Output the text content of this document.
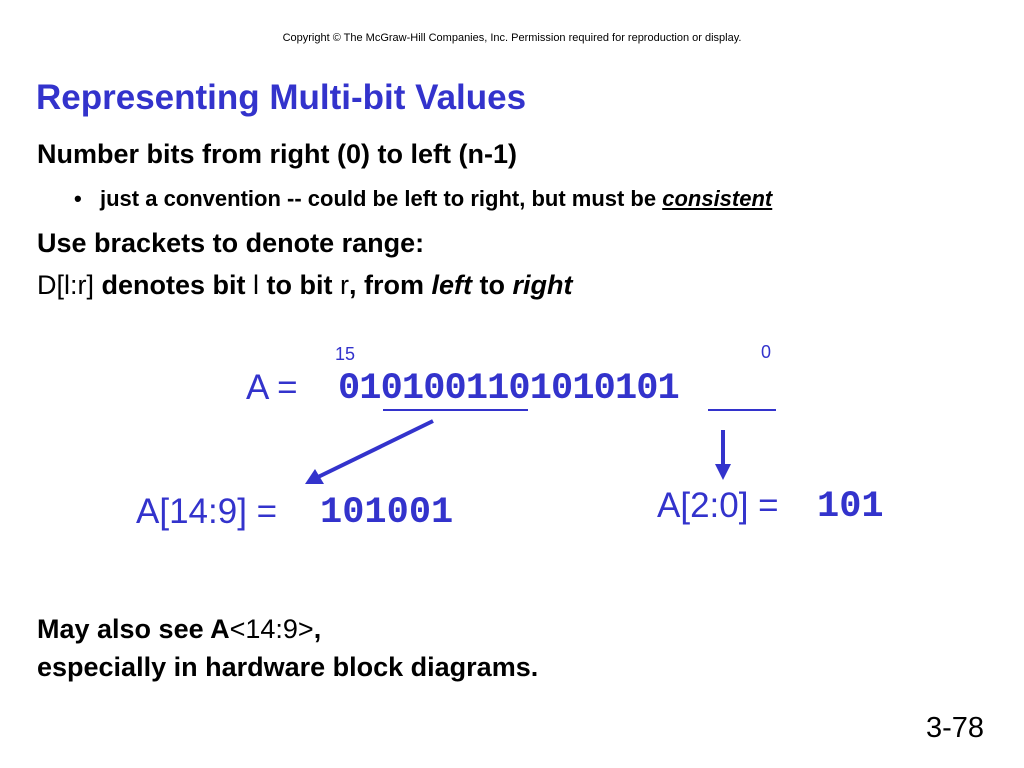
Copyright © The McGraw-Hill Companies, Inc. Permission required for reproduction or display.
Representing Multi-bit Values
Number bits from right (0) to left (n-1)
• just a convention -- could be left to right, but must be consistent
Use brackets to denote range:
D[l:r] denotes bit l to bit r, from left to right
15	0
A = 0101001101010101
A[14:9] = 101001	A[2:0] = 101
May also see A<14:9>,
especially in hardware block diagrams.
3-78
